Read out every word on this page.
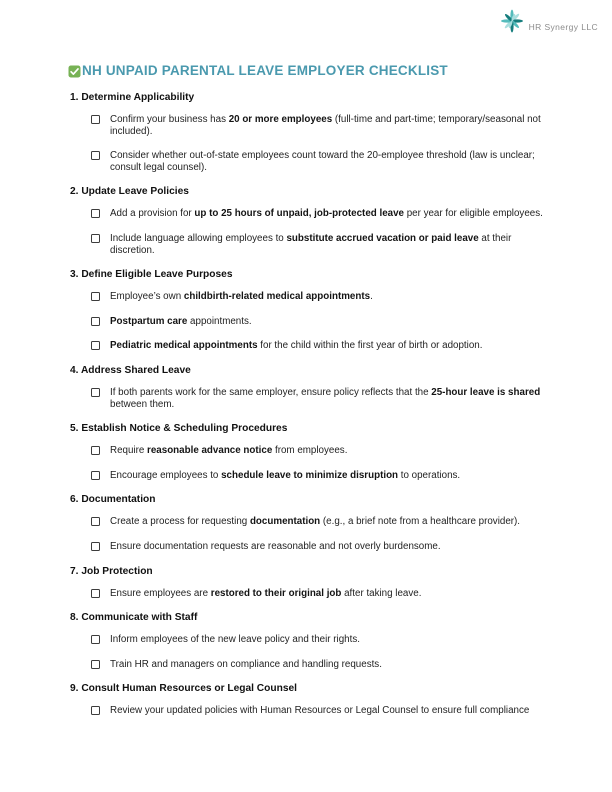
HR Synergy LLC
NH UNPAID PARENTAL LEAVE EMPLOYER CHECKLIST
1. Determine Applicability
Confirm your business has 20 or more employees (full-time and part-time; temporary/seasonal not included).
Consider whether out-of-state employees count toward the 20-employee threshold (law is unclear; consult legal counsel).
2. Update Leave Policies
Add a provision for up to 25 hours of unpaid, job-protected leave per year for eligible employees.
Include language allowing employees to substitute accrued vacation or paid leave at their discretion.
3. Define Eligible Leave Purposes
Employee’s own childbirth-related medical appointments.
Postpartum care appointments.
Pediatric medical appointments for the child within the first year of birth or adoption.
4. Address Shared Leave
If both parents work for the same employer, ensure policy reflects that the 25-hour leave is shared between them.
5. Establish Notice & Scheduling Procedures
Require reasonable advance notice from employees.
Encourage employees to schedule leave to minimize disruption to operations.
6. Documentation
Create a process for requesting documentation (e.g., a brief note from a healthcare provider).
Ensure documentation requests are reasonable and not overly burdensome.
7. Job Protection
Ensure employees are restored to their original job after taking leave.
8. Communicate with Staff
Inform employees of the new leave policy and their rights.
Train HR and managers on compliance and handling requests.
9. Consult Human Resources or Legal Counsel
Review your updated policies with Human Resources or Legal Counsel to ensure full compliance
